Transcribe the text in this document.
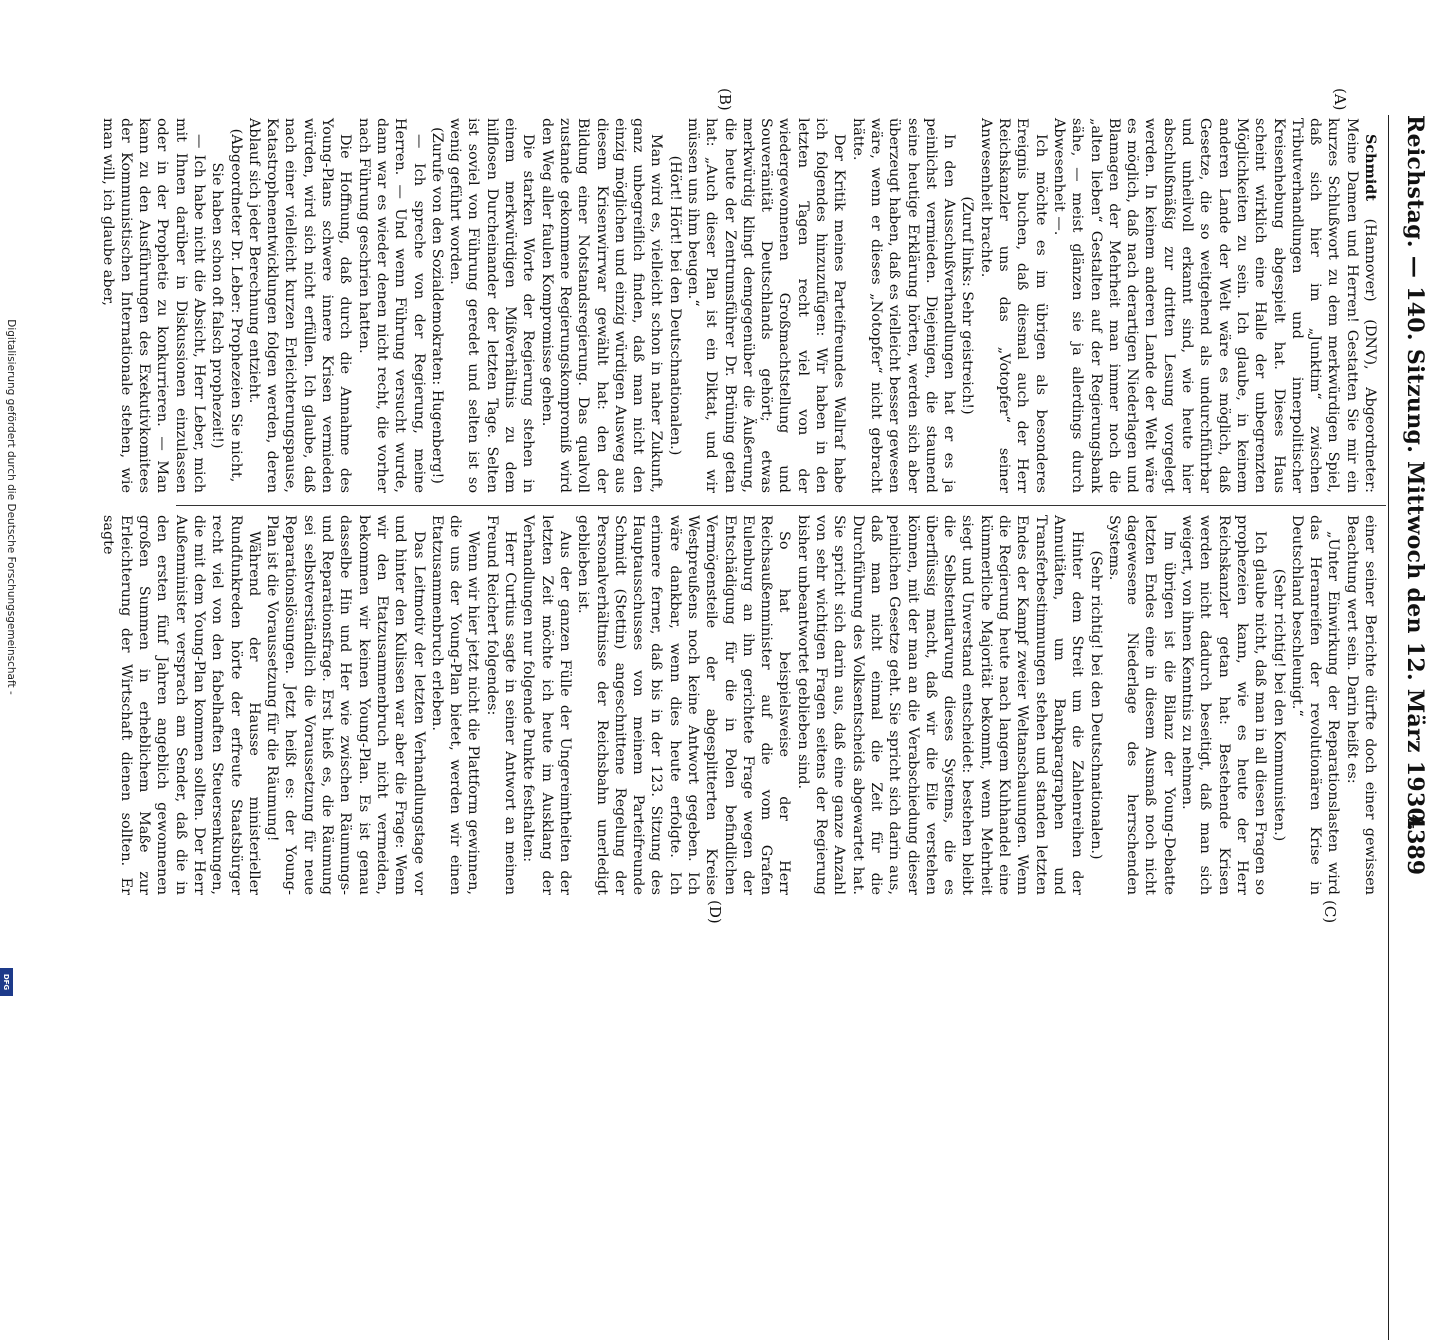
Reichstag. — 140. Sitzung. Mittwoch den 12. März 1930.
4389
(A)
(B)
(C)
(D)

Schmidt (Hannover) (DNV), Abgeordneter: Meine Damen und Herren! Gestatten Sie mir ein kurzes Schlußwort zu dem merkwürdigen Spiel, daß sich hier im „Junktim“ zwischen Tributverhandlungen und innerpolitischer Kreisenhebung abgespielt hat. Dieses Haus scheint wirklich eine Halle der unbegrenzten Möglichkeiten zu sein. Ich glaube, in keinem anderen Lande der Welt wäre es möglich, daß Gesetze, die so weitgehend als undurchführbar und unheilvoll erkannt sind, wie heute hier abschlußmäßig zur dritten Lesung vorgelegt werden. In keinem anderen Lande der Welt wäre es möglich, daß nach derartigen Niederlagen und Blamagen der Mehrheit man immer noch die „alten lieben“ Gestalten auf der Regierungsbank sähe, — meist glänzen sie ja allerdings durch Abwesenheit —.

Ich möchte es im übrigen als besonderes Ereignis buchen, daß diesmal auch der Herr Reichskanzler uns das „Votopfer“ seiner Anwesenheit brachte.

(Zuruf links: Sehr geistreich!)

In den Ausschußverhandlungen hat er es ja peinlichst vermieden. Diejenigen, die staunend seine heutige Erklärung hörten, werden sich aber überzeugt haben, daß es vielleicht besser gewesen wäre, wenn er dieses „Notopfer“ nicht gebracht hätte.

Der Kritik meines Parteifreundes Wallraf habe ich folgendes hinzuzufügen: Wir haben in den letzten Tagen recht viel von der wiedergewonnenen Großmachtstellung und Souveränität Deutschlands gehört; etwas merkwürdig klingt demgegenüber die Äußerung, die heute der Zentrumsführer Dr. Brüning getan hat: „Auch dieser Plan ist ein Diktat, und wir müssen uns ihm beugen.“

(Hört! Hört! bei den Deutschnationalen.)

Man wird es, vielleicht schon in naher Zukunft, ganz unbegreiflich finden, daß man nicht den einzig möglichen und einzig würdigen Ausweg aus diesem Krisenwirrwar gewählt hat: den der Bildung einer Notstandsregierung. Das qualvoll zustande gekommene Regierungskompromiß wird den Weg aller faulen Kompromisse gehen.

Die starken Worte der Regierung stehen in einem merkwürdigen Mißverhältnis zu dem hilflosen Durcheinander der letzten Tage. Selten ist soviel von Führung geredet und selten ist so wenig geführt worden.

(Zurufe von den Sozialdemokraten: Hugenberg!)

— Ich spreche von der Regierung, meine Herren. — Und wenn Führung versucht wurde, dann war es wieder denen nicht recht, die vorher nach Führung geschrien hatten.

Die Hoffnung, daß durch die Annahme des Young-Plans schwere innere Krisen vermieden würden, wird sich nicht erfüllen. Ich glaube, daß nach einer vielleicht kurzen Erleichterungspause, Katastrophenentwicklungen folgen werden, deren Ablauf sich jeder Berechnung entzieht.

(Abgeordneter Dr. Leber: Prophezeien Sie nicht, Sie haben schon oft falsch prophezeit!)

— Ich habe nicht die Absicht, Herr Leber, mich mit Ihnen darüber in Diskussionen einzulassen oder in der Prophetie zu konkurrieren. — Man kann zu den Ausführungen des Exekutivkomitees der Kommunistischen Internationale stehen, wie man will, ich glaube aber,

einer seiner Berichte dürfte doch einer gewissen Beachtung wert sein. Darin heißt es:

„Unter Einwirkung der Reparationslasten wird das Heranreifen der revolutionären Krise in Deutschland beschleunigt.“

(Sehr richtig! bei den Kommunisten.)

Ich glaube nicht, daß man in all diesen Fragen so prophezeien kann, wie es heute der Herr Reichskanzler getan hat: Bestehende Krisen werden nicht dadurch beseitigt, daß man sich weigert, von ihnen Kenntnis zu nehmen.

Im übrigen ist die Bilanz der Young-Debatte letzten Endes eine in diesem Ausmaß noch nicht dagewesene Niederlage des herrschenden Systems.

(Sehr richtig! bei den Deutschnationalen.)

Hinter dem Streit um die Zahlenreihen der Annuitäten, um Bankparagraphen und Transferbestimmungen stehen und standen letzten Endes der Kampf zweier Weltanschauungen. Wenn die Regierung heute nach langem Kuhhandel eine kümmerliche Majorität bekommt, wenn Mehrheit siegt und Unverstand entscheidet: bestehen bleibt die Selbstentlarvung dieses Systems, die es überflüssig macht, daß wir die Eile verstehen können, mit der man an die Verabschiedung dieser peinlichen Gesetze geht. Sie spricht sich darin aus, daß man nicht einmal die Zeit für die Durchführung des Volksentscheids abgewartet hat. Sie spricht sich darin aus, daß eine ganze Anzahl von sehr wichtigen Fragen seitens der Regierung bisher unbeantwortet geblieben sind.

So hat beispielsweise der Herr Reichsaußenminister auf die vom Grafen Eulenburg an ihn gerichtete Frage wegen der Entschädigung für die in Polen befindlichen Vermögensteile der abgesplitterten Kreise Westpreußens noch keine Antwort gegeben. Ich wäre dankbar, wenn dies heute erfolgte. Ich erinnere ferner, daß bis in der 123. Sitzung des Hauptausschusses von meinem Parteifreunde Schmidt (Stettin) angeschnittene Regelung der Personalverhältnisse der Reichsbahn unerledigt geblieben ist.

Aus der ganzen Fülle der Ungereimtheiten der letzten Zeit möchte ich heute im Ausklang der Verhandlungen nur folgende Punkte festhalten:

Herr Curtius sagte in seiner Antwort an meinen Freund Reichert folgendes:

Wenn wir hier jetzt nicht die Plattform gewinnen, die uns der Young-Plan bietet, werden wir einen Etatzusammenbruch erleben.

Das Leitmotiv der letzten Verhandlungstage vor und hinter den Kulissen war aber die Frage: Wenn wir den Etatzusammenbruch nicht vermeiden, bekommen wir keinen Young-Plan. Es ist genau dasselbe Hin und Her wie zwischen Räumungs- und Reparationsfrage. Erst hieß es, die Räumung sei selbstverständlich die Voraussetzung für neue Reparationslösungen. Jetzt heißt es: der Young-Plan ist die Voraussetzung für die Räumung!

Während der Hausse ministerieller Rundfunkreden hörte der erfreute Staatsbürger recht viel von den fabelhaften Steuersenkungen, die mit dem Young-Plan kommen sollten. Der Herr Außenminister versprach am Sender, daß die in den ersten fünf Jahren angeblich gewonnenen großen Summen in erheblichem Maße zur Erleichterung der Wirtschaft dienen sollten. Er sagte

Digitalisierung gefördert durch die Deutsche Forschungsgemeinschaft -
DFG
